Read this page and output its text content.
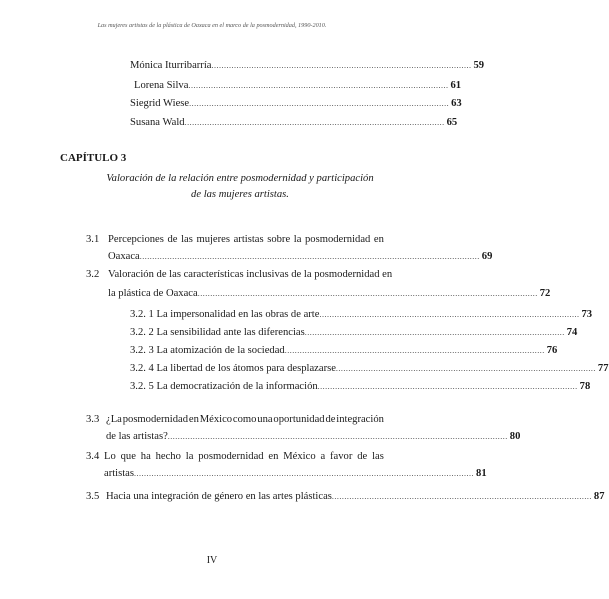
Las mujeres artistas de la plástica de Oaxaca en el marco de la posmodernidad, 1990-2010.
Mónica Iturribarría ........................................................................................................ 59
Lorena Silva ........................................................................................................ 61
Siegrid Wiese ........................................................................................................ 63
Susana Wald ........................................................................................................ 65
CAPÍTULO 3
Valoración de la relación entre posmodernidad y participación
de las mujeres artistas.
3.1 Percepciones de las mujeres artistas sobre la posmodernidad en
Oaxaca ........................................................................................................................................ 69
3.2 Valoración de las características inclusivas de la posmodernidad en
la plástica de Oaxaca ........................................................................................................................................ 72
3.2. 1 La impersonalidad en las obras de arte ........................................................................................................ 73
3.2. 2 La sensibilidad ante las diferencias ........................................................................................................ 74
3.2. 3 La atomización de la sociedad ........................................................................................................ 76
3.2. 4 La libertad de los átomos para desplazarse ........................................................................................................ 77
3.2. 5 La democratización de la información ........................................................................................................ 78
3.3 ¿La posmodernidad en México como una oportunidad de integración
de las artistas? ........................................................................................................................................ 80
3.4 Lo que ha hecho la posmodernidad en México a favor de las
artistas ........................................................................................................................................ 81
3.5 Hacia una integración de género en las artes plásticas ........................................................................................................ 87
IV
